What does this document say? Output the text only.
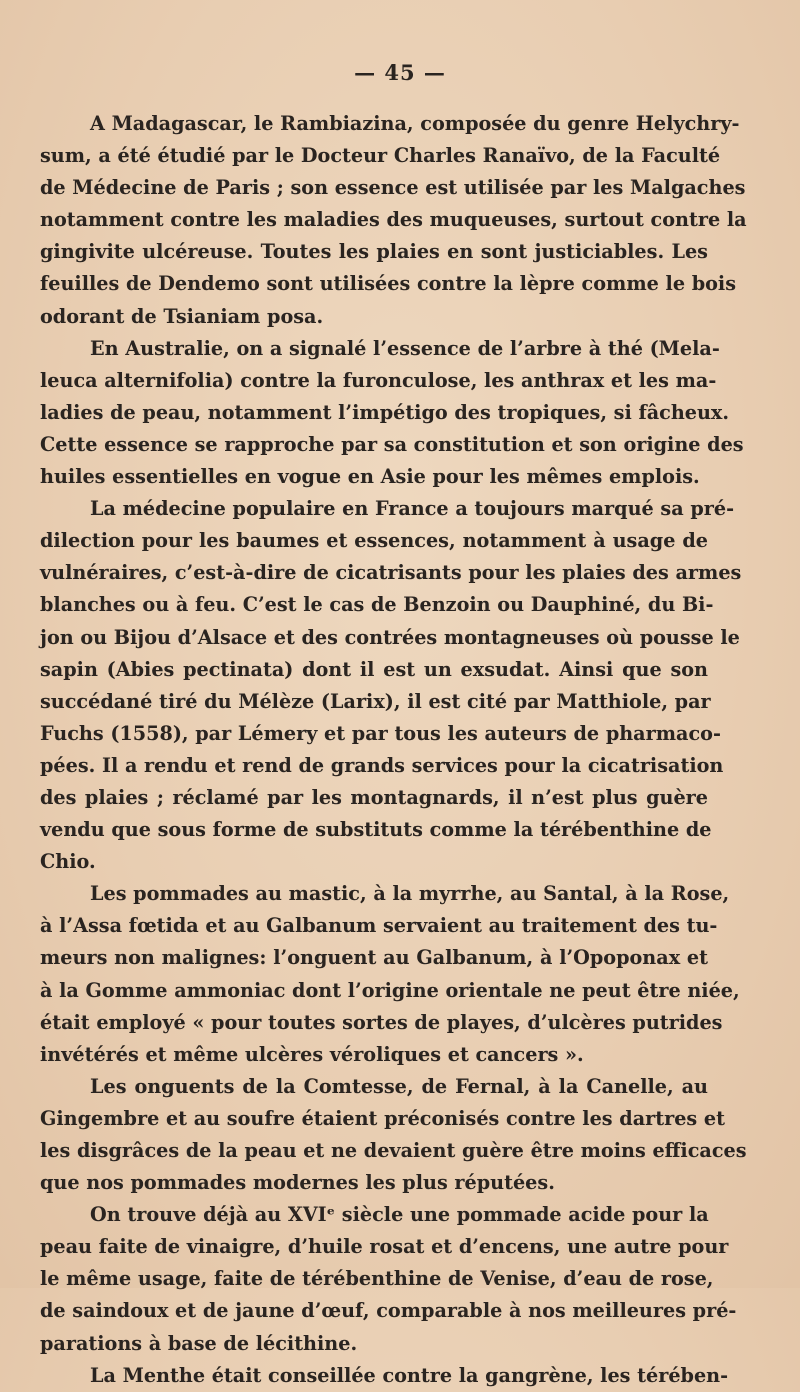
— 45 —
A Madagascar, le Rambiazina, composée du genre Helychry-
sum, a été étudié par le Docteur Charles Ranaïvo, de la Faculté
de Médecine de Paris ; son essence est utilisée par les Malgaches
notamment contre les maladies des muqueuses, surtout contre la
gingivite ulcéreuse. Toutes les plaies en sont justiciables. Les
feuilles de Dendemo sont utilisées contre la lèpre comme le bois
odorant de Tsianiam posa.
En Australie, on a signalé l’essence de l’arbre à thé (Mela-
leuca alternifolia) contre la furonculose, les anthrax et les ma-
ladies de peau, notamment l’impétigo des tropiques, si fâcheux.
Cette essence se rapproche par sa constitution et son origine des
huiles essentielles en vogue en Asie pour les mêmes emplois.
La médecine populaire en France a toujours marqué sa pré-
dilection pour les baumes et essences, notamment à usage de
vulnéraires, c’est-à-dire de cicatrisants pour les plaies des armes
blanches ou à feu. C’est le cas de Benzoin ou Dauphiné, du Bi-
jon ou Bijou d’Alsace et des contrées montagneuses où pousse le
sapin (Abies pectinata) dont il est un exsudat. Ainsi que son
succédané tiré du Mélèze (Larix), il est cité par Matthiole, par
Fuchs (1558), par Lémery et par tous les auteurs de pharmaco-
pées. Il a rendu et rend de grands services pour la cicatrisation
des plaies ; réclamé par les montagnards, il n’est plus guère
vendu que sous forme de substituts comme la térébenthine de
Chio.
Les pommades au mastic, à la myrrhe, au Santal, à la Rose,
à l’Assa fœtida et au Galbanum servaient au traitement des tu-
meurs non malignes: l’onguent au Galbanum, à l’Opoponax et
à la Gomme ammoniac dont l’origine orientale ne peut être niée,
était employé « pour toutes sortes de playes, d’ulcères putrides
invétérés et même ulcères véroliques et cancers ».
Les onguents de la Comtesse, de Fernal, à la Canelle, au
Gingembre et au soufre étaient préconisés contre les dartres et
les disgrâces de la peau et ne devaient guère être moins efficaces
que nos pommades modernes les plus réputées.
On trouve déjà au XVIᵉ siècle une pommade acide pour la
peau faite de vinaigre, d’huile rosat et d’encens, une autre pour
le même usage, faite de térébenthine de Venise, d’eau de rose,
de saindoux et de jaune d’œuf, comparable à nos meilleures pré-
parations à base de lécithine.
La Menthe était conseillée contre la gangrène, les térében-
